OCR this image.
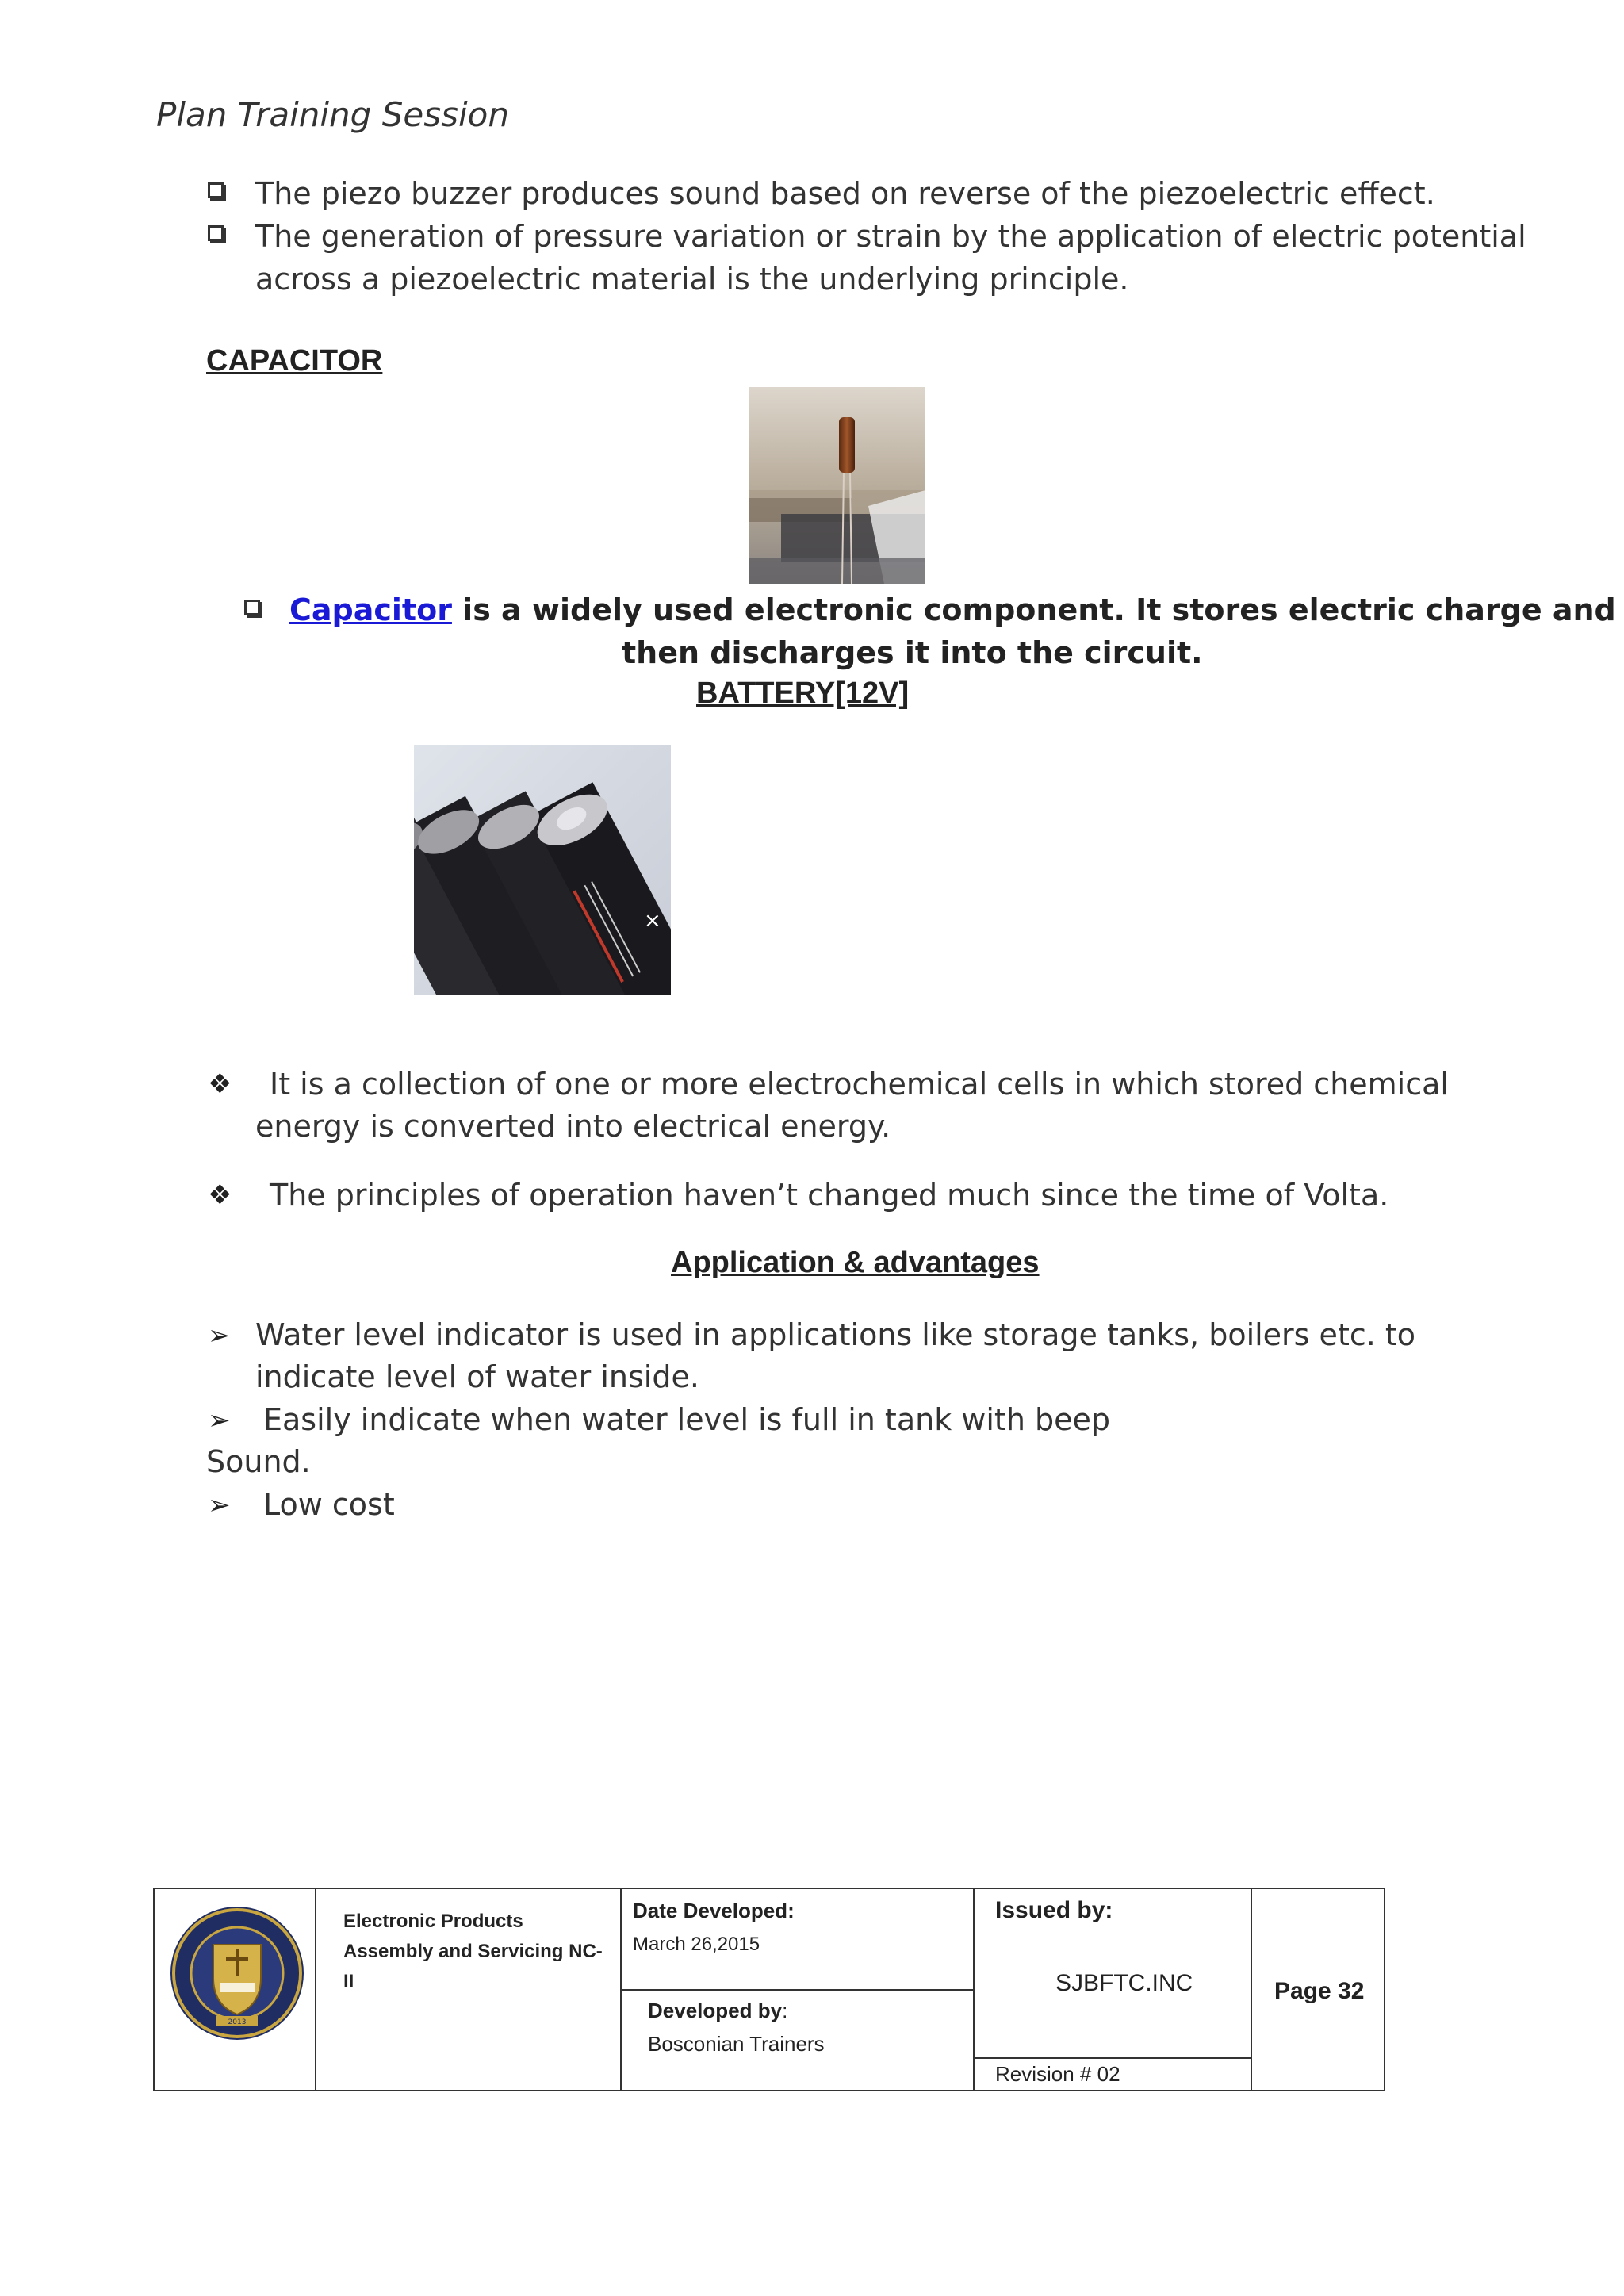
Plan Training Session
The piezo buzzer produces sound based on reverse of the piezoelectric effect.
The generation of pressure variation or strain by the application of electric potential
across a piezoelectric material is the underlying principle.
CAPACITOR
Capacitor is a widely used electronic component. It stores electric charge and
then discharges it into the circuit.
BATTERY[12V]
×
❖ It is a collection of one or more electrochemical cells in which stored chemical
energy is converted into electrical energy.
❖ The principles of operation haven’t changed much since the time of Volta.
Application & advantages
➢ Water level indicator is used in applications like storage tanks, boilers etc. to
indicate level of water inside.
➢ Easily indicate when water level is full in tank with beep
Sound.
➢ Low cost
2013
Electronic Products
Assembly and Servicing NC-
II
Date Developed:
March 26,2015
Developed by:
Bosconian Trainers
Issued by:
SJBFTC.INC
Revision # 02
Page 32
